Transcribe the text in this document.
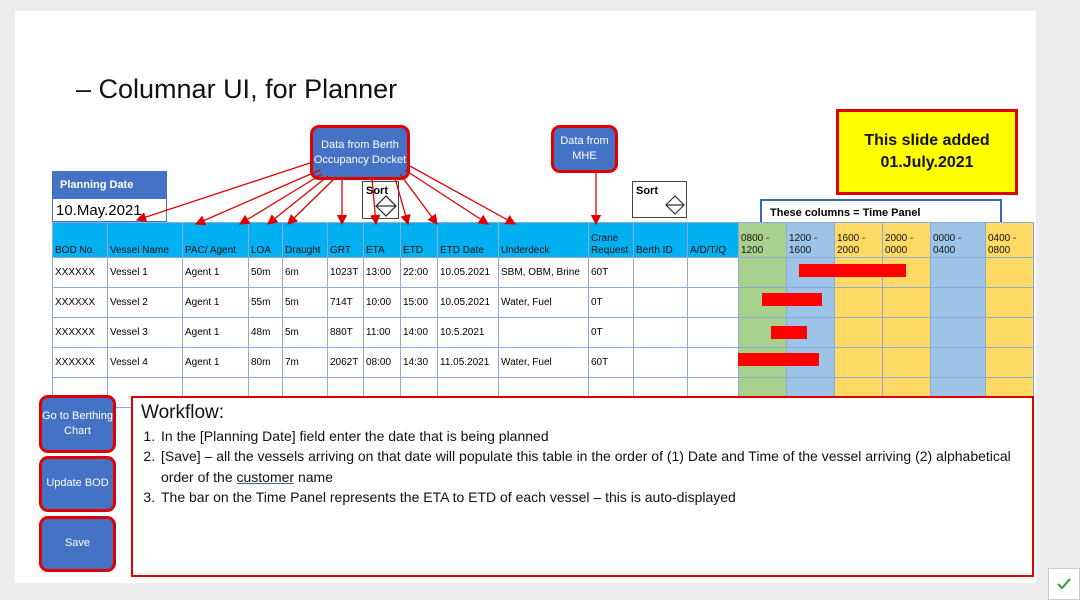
– Columnar UI, for Planner
Data from Berth Occupancy Docket
Data from MHE
This slide added 01.July.2021
Planning Date
10.May.2021
Sort	Sort
These columns = Time Panel
BOD No.	Vessel Name	PAC/ Agent	LOA	Draught	GRT	ETA	ETD	ETD Date	Underdeck	Crane Request	Berth ID	A/D/T/Q	0800 - 1200	1200 - 1600	1600 - 2000	2000 - 0000	0000 - 0400	0400 - 0800
XXXXXX	Vessel 1	Agent 1	50m	6m	1023T	13:00	22:00	10.05.2021	SBM, OBM, Brine	60T								
XXXXXX	Vessel 2	Agent 1	55m	5m	714T	10:00	15:00	10.05.2021	Water, Fuel	0T								
XXXXXX	Vessel 3	Agent 1	48m	5m	880T	11:00	14:00	10.5.2021		0T								
XXXXXX	Vessel 4	Agent 1	80m	7m	2062T	08:00	14:30	11.05.2021	Water, Fuel	60T								

Go to Berthing Chart
Update BOD
Save
Workflow:
1. In the [Planning Date] field enter the date that is being planned
2. [Save] – all the vessels arriving on that date will populate this table in the order of (1) Date and Time of the vessel arriving (2) alphabetical order of the customer name
3. The bar on the Time Panel represents the ETA to ETD of each vessel – this is auto-displayed
